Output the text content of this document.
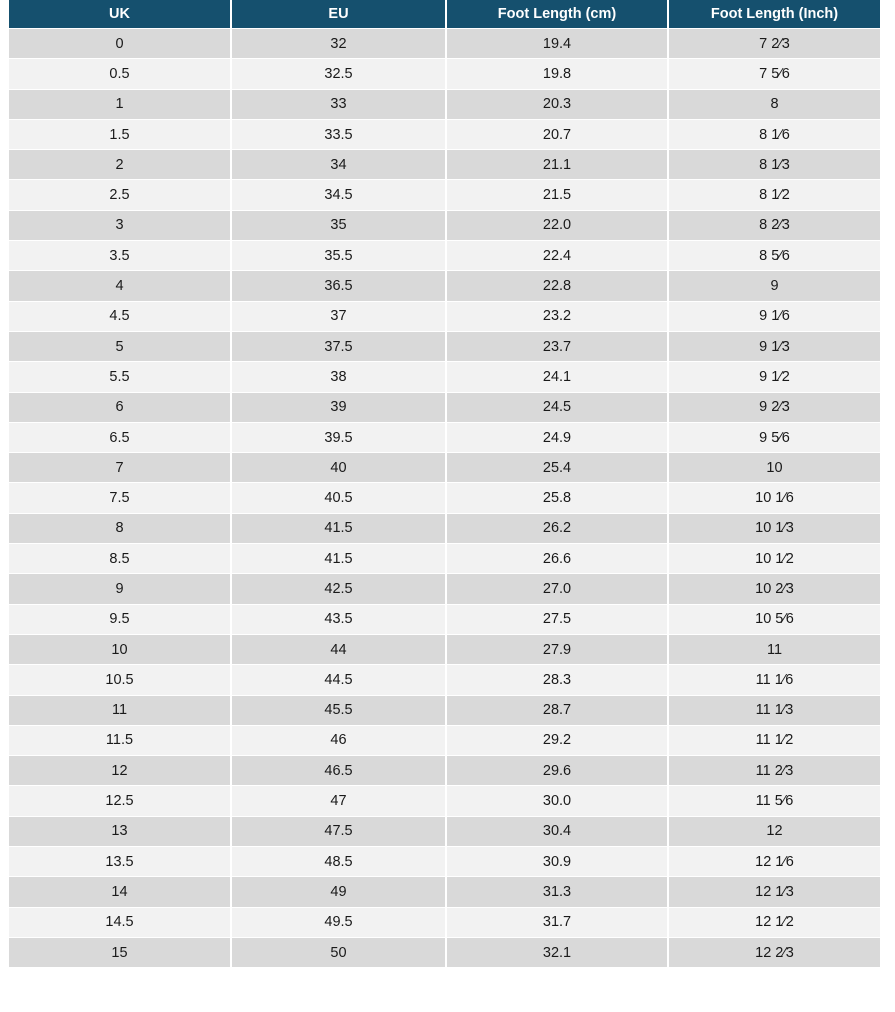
UK	EU	Foot Length (cm)	Foot Length (Inch)
0	32	19.4	7 2⁄3
0.5	32.5	19.8	7 5⁄6
1	33	20.3	8
1.5	33.5	20.7	8 1⁄6
2	34	21.1	8 1⁄3
2.5	34.5	21.5	8 1⁄2
3	35	22.0	8 2⁄3
3.5	35.5	22.4	8 5⁄6
4	36.5	22.8	9
4.5	37	23.2	9 1⁄6
5	37.5	23.7	9 1⁄3
5.5	38	24.1	9 1⁄2
6	39	24.5	9 2⁄3
6.5	39.5	24.9	9 5⁄6
7	40	25.4	10
7.5	40.5	25.8	10 1⁄6
8	41.5	26.2	10 1⁄3
8.5	41.5	26.6	10 1⁄2
9	42.5	27.0	10 2⁄3
9.5	43.5	27.5	10 5⁄6
10	44	27.9	11
10.5	44.5	28.3	11 1⁄6
11	45.5	28.7	11 1⁄3
11.5	46	29.2	11 1⁄2
12	46.5	29.6	11 2⁄3
12.5	47	30.0	11 5⁄6
13	47.5	30.4	12
13.5	48.5	30.9	12 1⁄6
14	49	31.3	12 1⁄3
14.5	49.5	31.7	12 1⁄2
15	50	32.1	12 2⁄3
